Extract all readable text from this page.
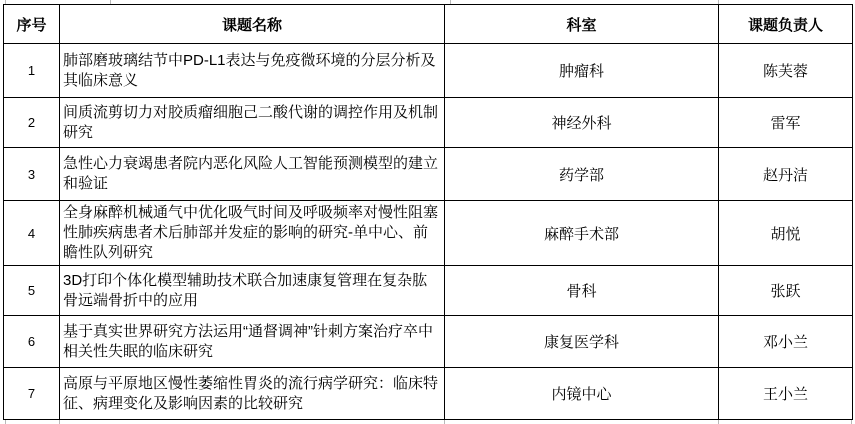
序号	课题名称	科室	课题负责人
1	肺部磨玻璃结节中PD-L1表达与免疫微环境的分层分析及其临床意义	肿瘤科	陈芙蓉
2	间质流剪切力对胶质瘤细胞己二酸代谢的调控作用及机制研究	神经外科	雷军
3	急性心力衰竭患者院内恶化风险人工智能预测模型的建立和验证	药学部	赵丹洁
4	全身麻醉机械通气中优化吸气时间及呼吸频率对慢性阻塞性肺疾病患者术后肺部并发症的影响的研究-单中心、前瞻性队列研究	麻醉手术部	胡悦
5	3D打印个体化模型辅助技术联合加速康复管理在复杂肱骨远端骨折中的应用	骨科	张跃
6	基于真实世界研究方法运用“通督调神”针刺方案治疗卒中相关性失眠的临床研究	康复医学科	邓小兰
7	高原与平原地区慢性萎缩性胃炎的流行病学研究：临床特征、病理变化及影响因素的比较研究	内镜中心	王小兰
